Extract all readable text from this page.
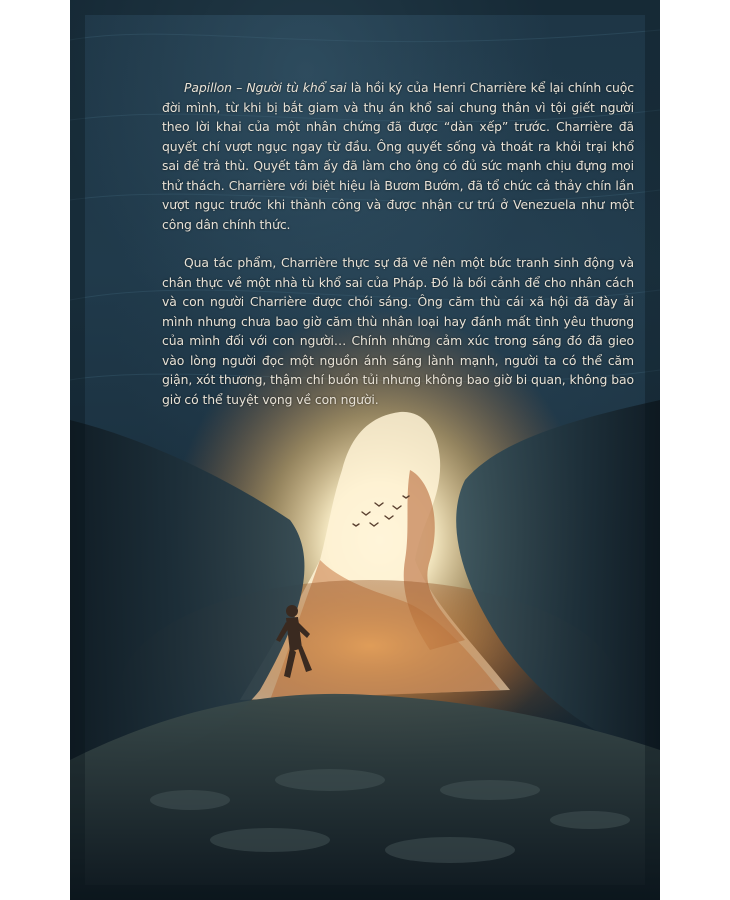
Papillon – Người tù khổ sai là hồi ký của Henri Charrière kể lại chính cuộc đời mình, từ khi bị bắt giam và thụ án khổ sai chung thân vì tội giết người theo lời khai của một nhân chứng đã được “dàn xếp” trước. Charrière đã quyết chí vượt ngục ngay từ đầu. Ông quyết sống và thoát ra khỏi trại khổ sai để trả thù. Quyết tâm ấy đã làm cho ông có đủ sức mạnh chịu đựng mọi thử thách. Charrière với biệt hiệu là Bươm Bướm, đã tổ chức cả thảy chín lần vượt ngục trước khi thành công và được nhận cư trú ở Venezuela như một công dân chính thức.

Qua tác phẩm, Charrière thực sự đã vẽ nên một bức tranh sinh động và chân thực về một nhà tù khổ sai của Pháp. Đó là bối cảnh để cho nhân cách và con người Charrière được chói sáng. Ông căm thù cái xã hội đã đày ải mình nhưng chưa bao giờ căm thù nhân loại hay đánh mất tình yêu thương của mình đối với con người… Chính những cảm xúc trong sáng đó đã gieo vào lòng người đọc một nguồn ánh sáng lành mạnh, người ta có thể căm giận, xót thương, thậm chí buồn tủi nhưng không bao giờ bi quan, không bao giờ có thể tuyệt vọng về con người.
